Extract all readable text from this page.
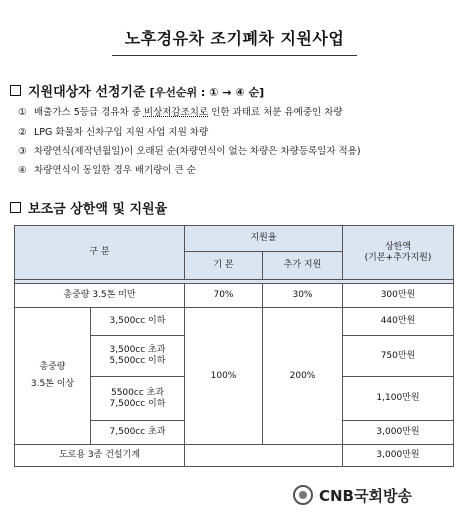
노후경유차 조기폐차 지원사업
지원대상자 선정기준 [우선순위 : ① → ④ 순]
① 배출가스 5등급 경유차 중 비상저감조치로 인한 과태료 처분 유예중인 차량
② LPG 화물차 신차구입 지원 사업 지원 차량
③ 차량연식(제작년월일)이 오래된 순(차량연식이 없는 차량은 차량등록일자 적용)
④ 차량연식이 동일한 경우 배기량이 큰 순
보조금 상한액 및 지원율
구 분		지원율		상한액
(기본+추가지원)

		기 본	추가 지원	

총중량 3.5톤 미만		70%	30%	300만원

총중량
3.5톤 이상	3,500cc 이하	100%	200%	440만원

	3,500cc 초과
5,500cc 이하			750만원

	5500cc 초과
7,500cc 이하			1,100만원
	7,500cc 초과			3,000만원
도로용 3종 건설기계				3,000만원
CNB국회방송
